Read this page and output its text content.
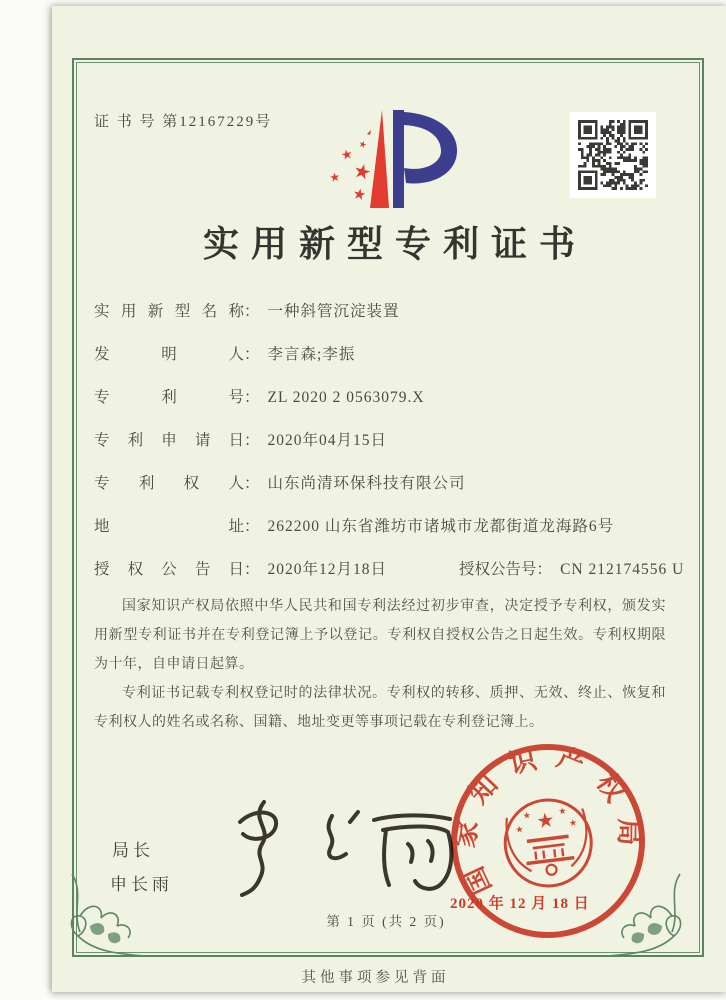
证 书 号 第12167229号
★
★
★
★
★
实用新型专利证书
实用新型名称： 一种斜管沉淀装置
发明人： 李言森;李振
专利号： ZL 2020 2 0563079.X
专利申请日： 2020年04月15日
专利权人： 山东尚清环保科技有限公司
地址： 262200 山东省潍坊市诸城市龙都街道龙海路6号
授权公告日： 2020年12月18日	授权公告号： CN 212174556 U

国家知识产权局依照中华人民共和国专利法经过初步审查，决定授予专利权，颁发实用新型专利证书并在专利登记簿上予以登记。专利权自授权公告之日起生效。专利权期限为十年，自申请日起算。

专利证书记载专利权登记时的法律状况。专利权的转移、质押、无效、终止、恢复和专利权人的姓名或名称、国籍、地址变更等事项记载在专利登记簿上。

局长
申长雨	国家知识产权局
★
★	★
★
★
2020 年 12 月 18 日
第 1 页 (共 2 页)
其他事项参见背面
